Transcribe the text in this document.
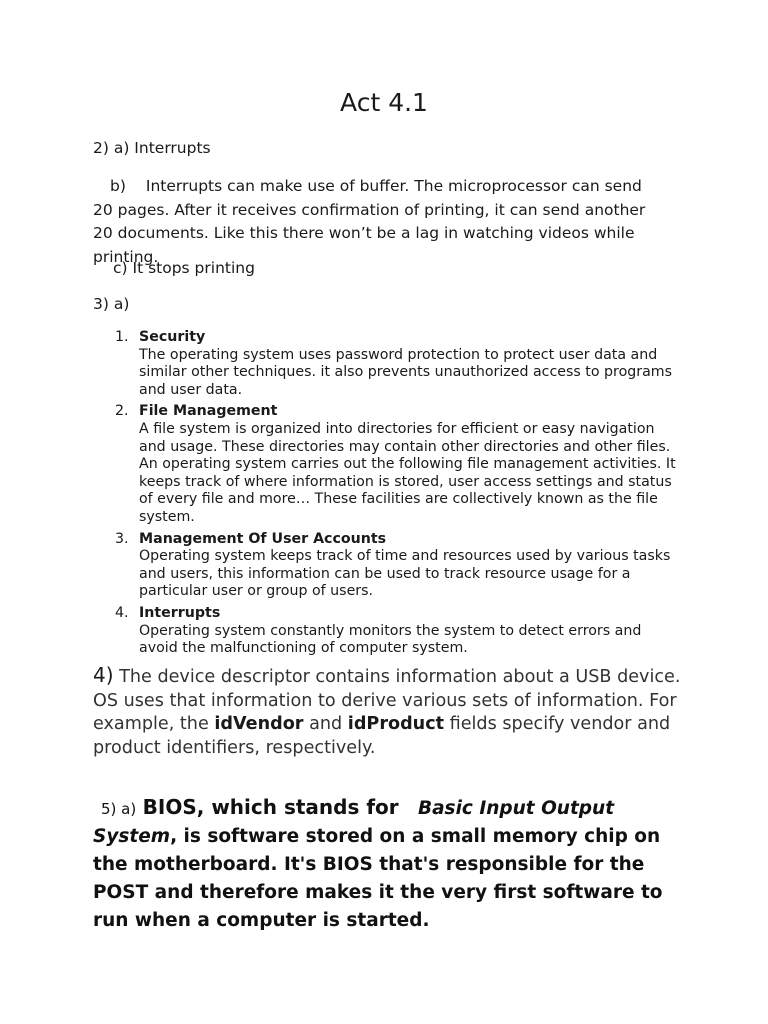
Act 4.1
2) a) Interrupts
b) Interrupts can make use of buffer. The microprocessor can send 20 pages. After it receives confirmation of printing, it can send another 20 documents. Like this there won’t be a lag in watching videos while printing.
c) It stops printing
3) a)
1. Security
The operating system uses password protection to protect user data and similar other techniques. it also prevents unauthorized access to programs and user data.
2. File Management
A file system is organized into directories for efficient or easy navigation and usage. These directories may contain other directories and other files. An operating system carries out the following file management activities. It keeps track of where information is stored, user access settings and status of every file and more… These facilities are collectively known as the file system.
3. Management Of User Accounts
Operating system keeps track of time and resources used by various tasks and users, this information can be used to track resource usage for a particular user or group of users.
4. Interrupts
Operating system constantly monitors the system to detect errors and avoid the malfunctioning of computer system.
4) The device descriptor contains information about a USB device. OS uses that information to derive various sets of information. For example, the idVendor and idProduct fields specify vendor and product identifiers, respectively.
5) a) BIOS, which stands for Basic Input Output System, is software stored on a small memory chip on the motherboard. It's BIOS that's responsible for the POST and therefore makes it the very first software to run when a computer is started.
